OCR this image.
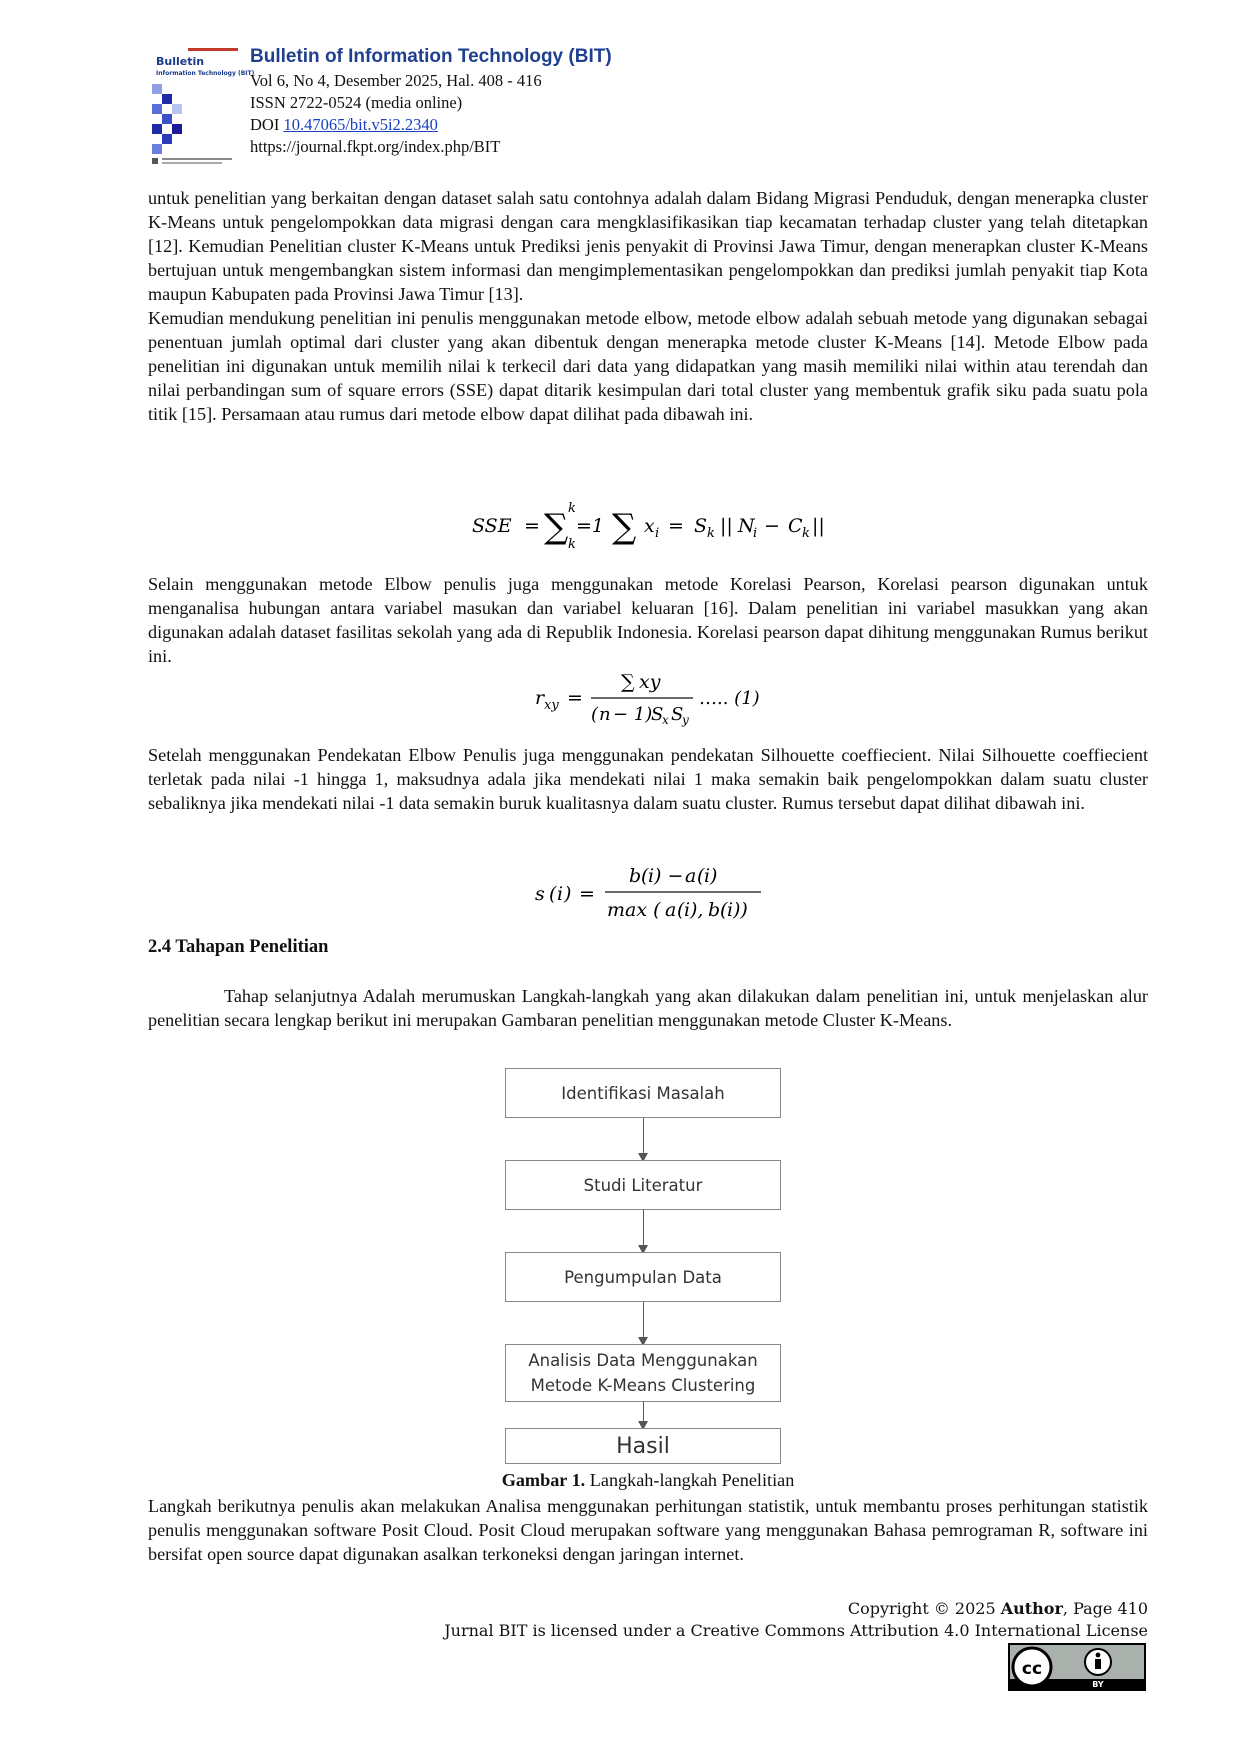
Bulletin
Information Technology (BIT)
Bulletin of Information Technology (BIT)
Vol 6, No 4, Desember 2025, Hal. 408 - 416
ISSN 2722-0524 (media online)
DOI 10.47065/bit.v5i2.2340
https://journal.fkpt.org/index.php/BIT

untuk penelitian yang berkaitan dengan dataset salah satu contohnya adalah dalam Bidang Migrasi Penduduk, dengan menerapka cluster K-Means untuk pengelompokkan data migrasi dengan cara mengklasifikasikan tiap kecamatan terhadap cluster yang telah ditetapkan [12]. Kemudian Penelitian cluster K-Means untuk Prediksi jenis penyakit di Provinsi Jawa Timur, dengan menerapkan cluster K-Means bertujuan untuk mengembangkan sistem informasi dan mengimplementasikan pengelompokkan dan prediksi jumlah penyakit tiap Kota maupun Kabupaten pada Provinsi Jawa Timur [13].

Kemudian mendukung penelitian ini penulis menggunakan metode elbow, metode elbow adalah sebuah metode yang digunakan sebagai penentuan jumlah optimal dari cluster yang akan dibentuk dengan menerapka metode cluster K-Means [14]. Metode Elbow pada penelitian ini digunakan untuk memilih nilai k terkecil dari data yang didapatkan yang masih memiliki nilai within atau terendah dan nilai perbandingan sum of square errors (SSE) dapat ditarik kesimpulan dari total cluster yang membentuk grafik siku pada suatu pola titik [15]. Persamaan atau rumus dari metode elbow dapat dilihat pada dibawah ini.

SSE = ∑ k
k
=1 ∑ x i = S k || N
i − C k ||

Selain menggunakan metode Elbow penulis juga menggunakan metode Korelasi Pearson, Korelasi pearson digunakan untuk menganalisa hubungan antara variabel masukan dan variabel keluaran [16]. Dalam penelitian ini variabel masukkan yang akan digunakan adalah dataset fasilitas sekolah yang ada di Republik Indonesia. Korelasi pearson dapat dihitung menggunakan Rumus berikut ini.

r xy =
∑ xy
( n − 1)
S
x S
y
….. (1)

Setelah menggunakan Pendekatan Elbow Penulis juga menggunakan pendekatan Silhouette coeffiecient. Nilai Silhouette coeffiecient terletak pada nilai -1 hingga 1, maksudnya adala jika mendekati nilai 1 maka semakin baik pengelompokkan dalam suatu cluster sebaliknya jika mendekati nilai -1 data semakin buruk kualitasnya dalam suatu cluster. Rumus tersebut dapat dilihat dibawah ini.

s ( i ) =
b ( i ) − a ( i )
max ( a ( i ), b ( i ))
2.4 Tahapan Penelitian

Tahap selanjutnya Adalah merumuskan Langkah-langkah yang akan dilakukan dalam penelitian ini, untuk menjelaskan alur penelitian secara lengkap berikut ini merupakan Gambaran penelitian menggunakan metode Cluster K-Means.

Identifikasi Masalah
Studi Literatur
Pengumpulan Data
Analisis Data Menggunakan Metode K-Means Clustering
Hasil
Gambar 1. Langkah-langkah Penelitian

Langkah berikutnya penulis akan melakukan Analisa menggunakan perhitungan statistik, untuk membantu proses perhitungan statistik penulis menggunakan software Posit Cloud. Posit Cloud merupakan software yang menggunakan Bahasa pemrograman R, software ini bersifat open source dapat digunakan asalkan terkoneksi dengan jaringan internet.

Copyright © 2025 Author, Page 410
Jurnal BIT is licensed under a Creative Commons Attribution 4.0 International License
cc
BY
